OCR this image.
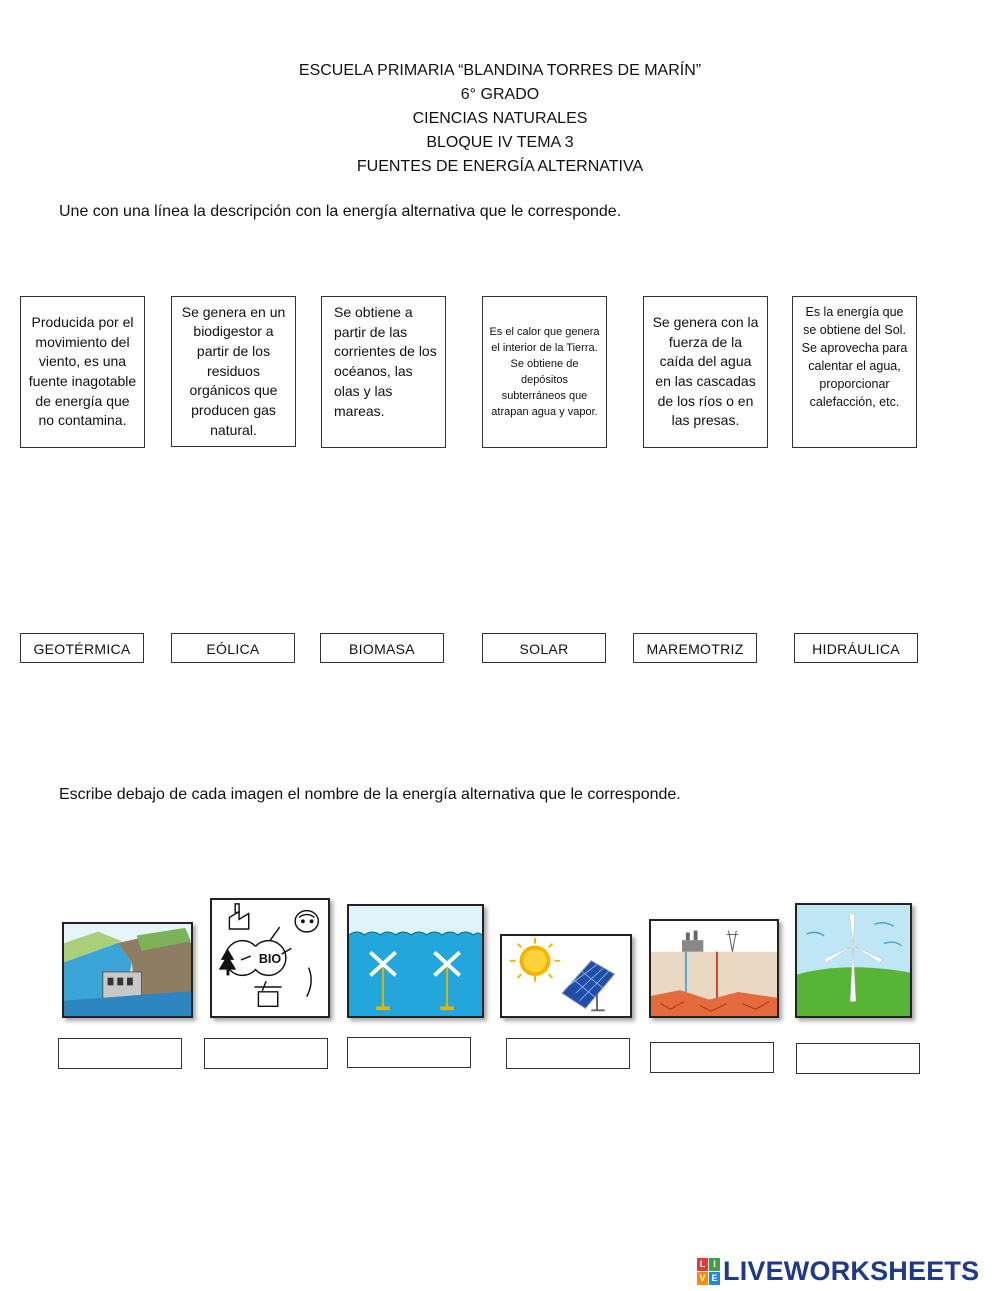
ESCUELA PRIMARIA “BLANDINA TORRES DE MARÍN”
6° GRADO
CIENCIAS NATURALES
BLOQUE IV TEMA 3
FUENTES DE ENERGÍA ALTERNATIVA
Une con una línea la descripción con la energía alternativa que le corresponde.
Producida por el movimiento del viento, es una fuente inagotable de energía que no contamina.
Se genera en un biodigestor a partir de los residuos orgánicos que producen gas natural.
Se obtiene a partir de las corrientes de los océanos, las olas y las mareas.
Es el calor que genera el interior de la Tierra. Se obtiene de depósitos subterráneos que atrapan agua y vapor.
Se genera con la fuerza de la caída del agua en las cascadas de los ríos o en las presas.
Es la energía que se obtiene del Sol. Se aprovecha para calentar el agua, proporcionar calefacción, etc.
GEOTÉRMICA	EÓLICA	BIOMASA	SOLAR	MAREMOTRIZ	HIDRÁULICA
Escribe debajo de cada imagen el nombre de la energía alternativa que le corresponde.
BIO
L I
V E LIVEWORKSHEETS
